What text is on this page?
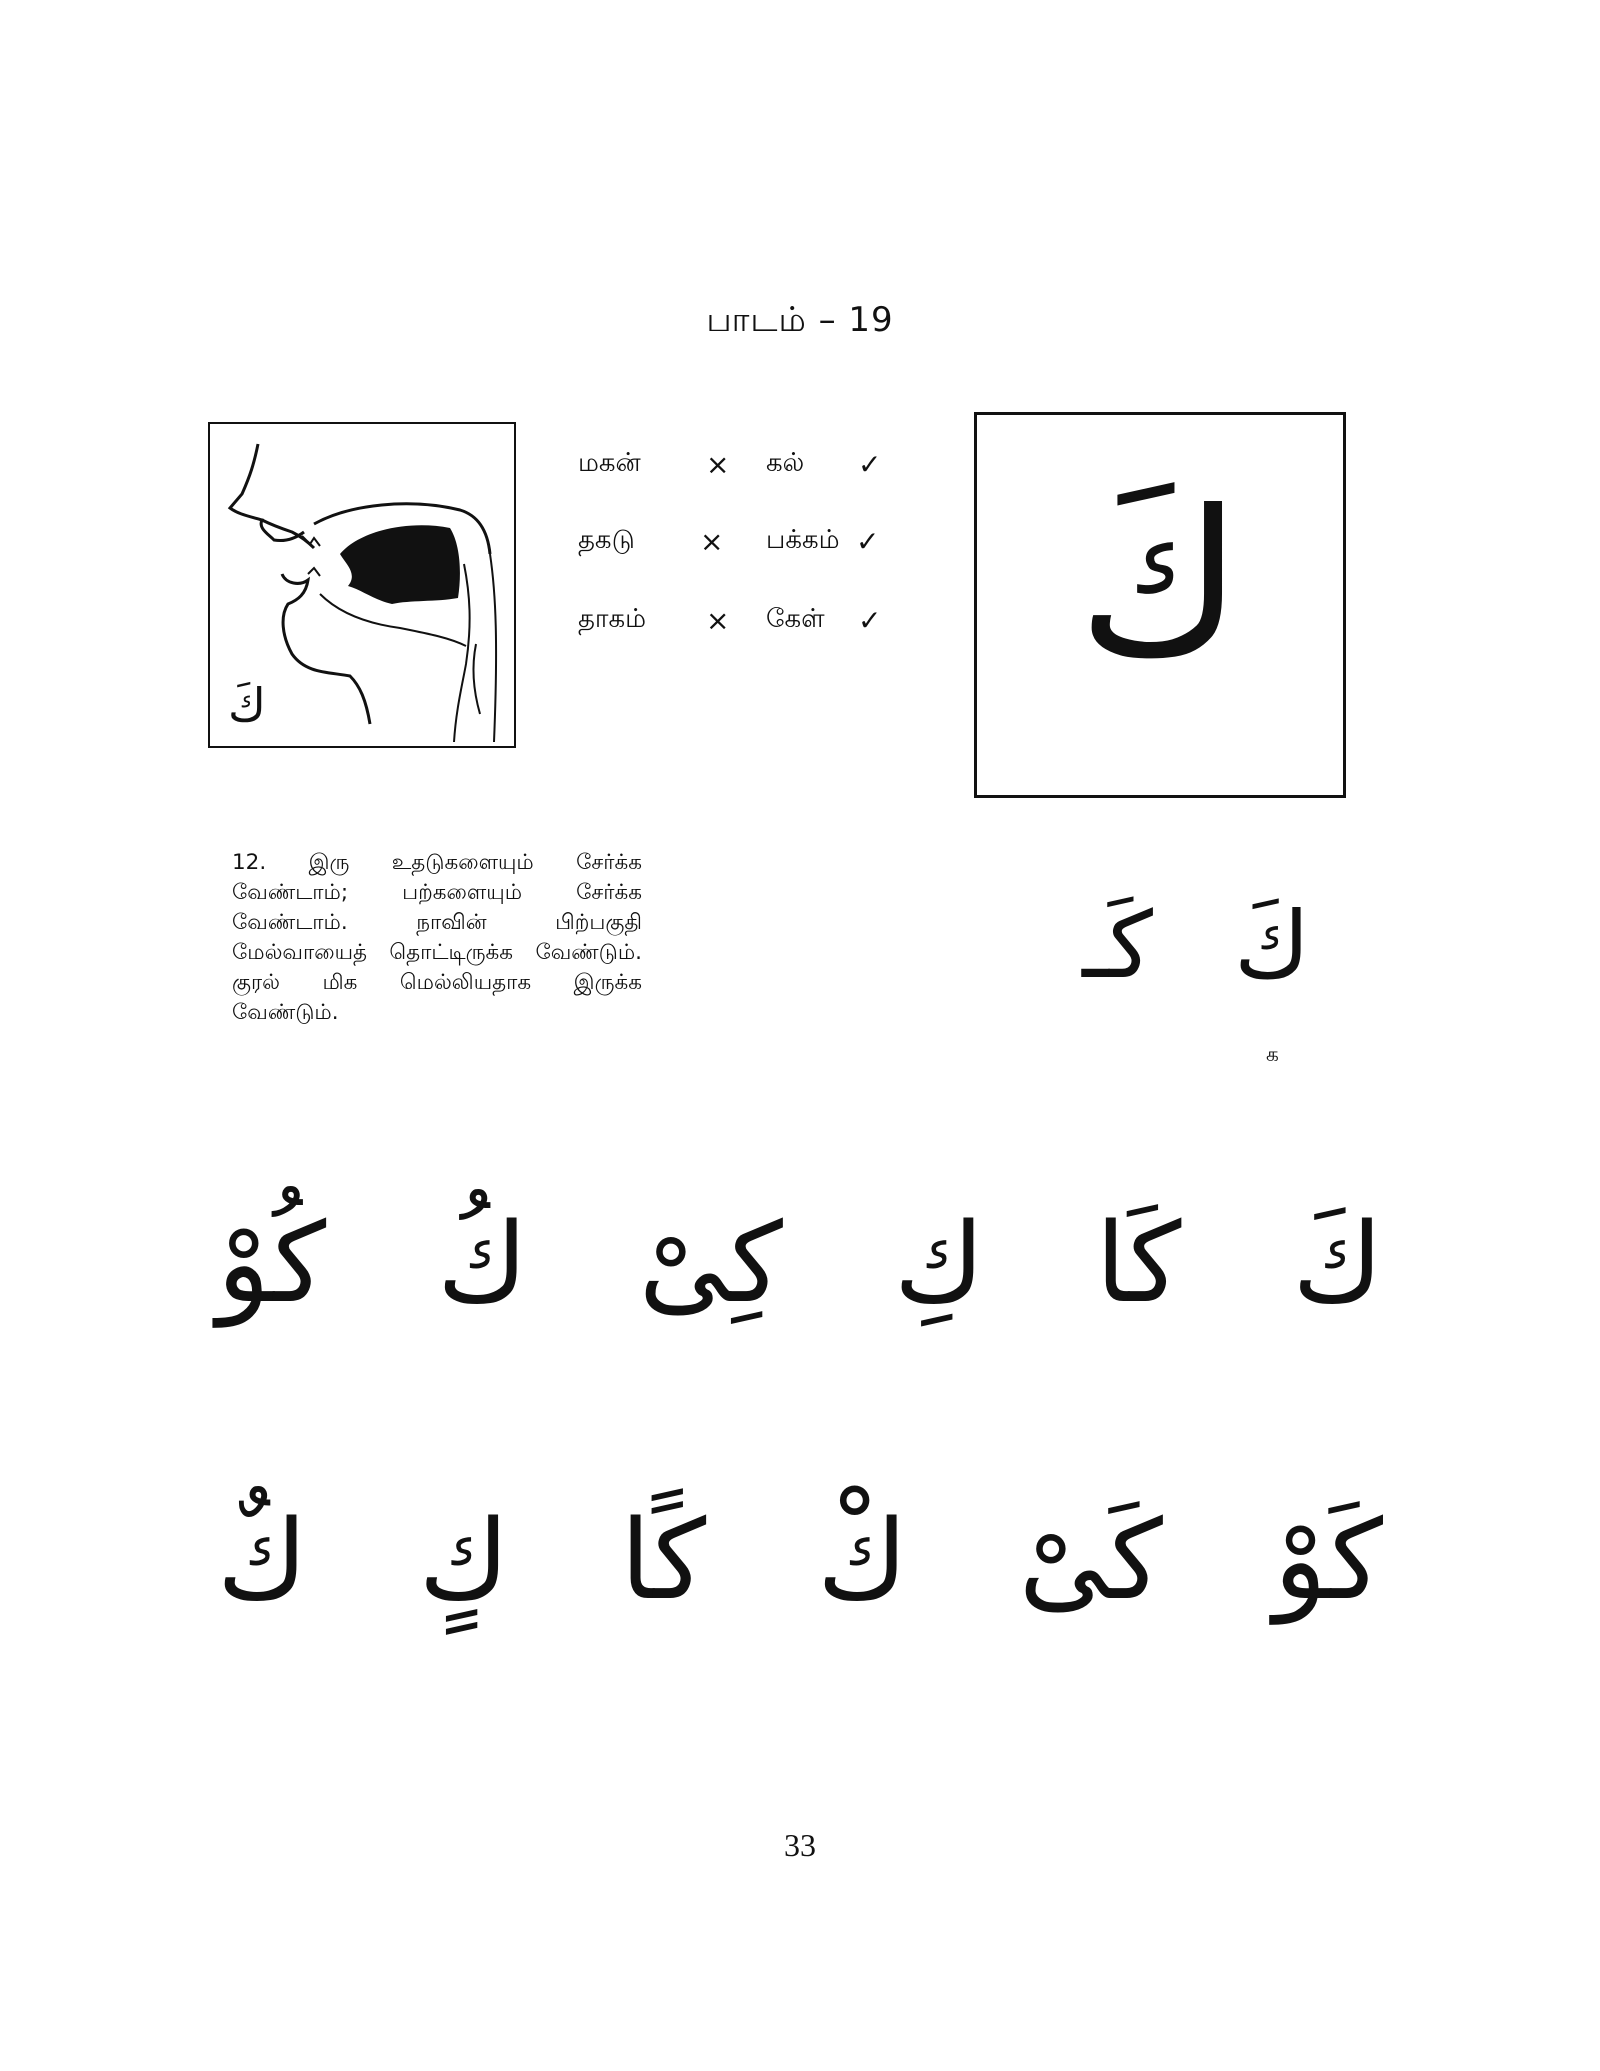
பாடம் – 19
كَ
மகன் × கல் ✓
தகடு × பக்கம் ✓
தாகம் × கேள் ✓ كَ
12. இரு உதடுகளையும் சேர்க்க வேண்டாம்; பற்களையும் சேர்க்க வேண்டாம். நாவின் பிற்பகுதி மேல்வாயைத் தொட்டிருக்க வேண்டும். குரல் மிக மெல்லியதாக இருக்க வேண்டும்.
كَ كَـ
க
كَ كَا كِ كِىْ كُ كُوْ
كَوْ كَىْ كْ كًا كٍ كٌ
33
